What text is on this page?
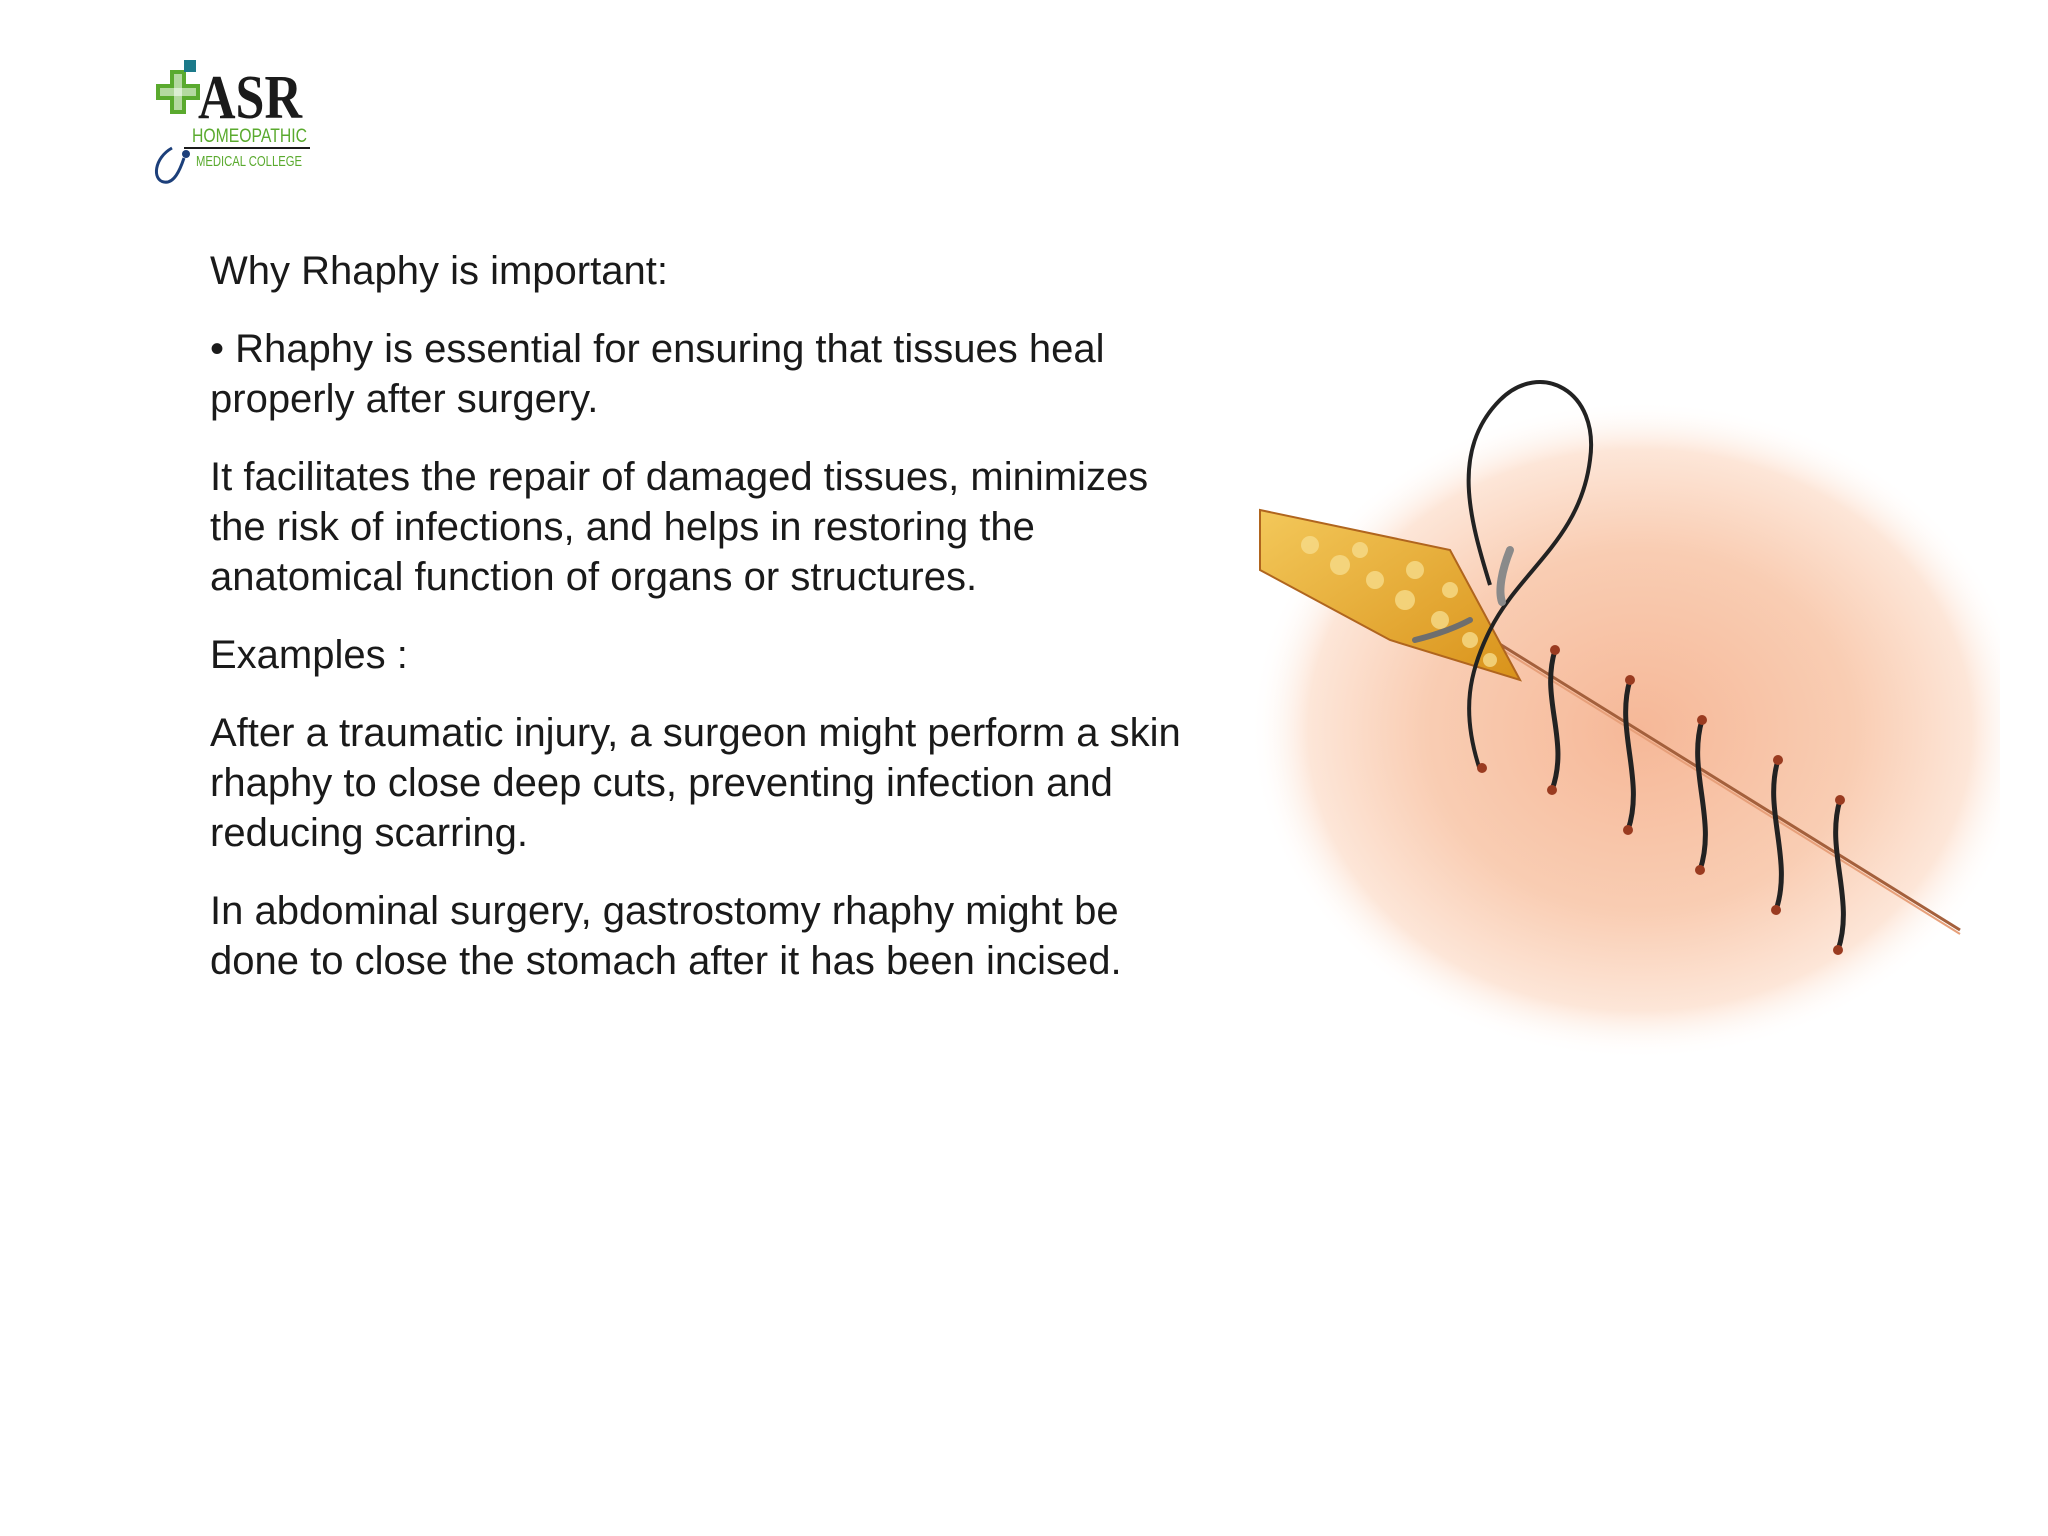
ASR
HOMEOPATHIC
MEDICAL COLLEGE

Why Rhaphy is important:

• Rhaphy is essential for ensuring that tissues heal properly after surgery.

It facilitates the repair of damaged tissues, minimizes the risk of infections, and helps in restoring the anatomical function of organs or structures.

Examples :

After a traumatic injury, a surgeon might perform a skin rhaphy to close deep cuts, preventing infection and reducing scarring.

In abdominal surgery, gastrostomy rhaphy might be done to close the stomach after it has been incised.
